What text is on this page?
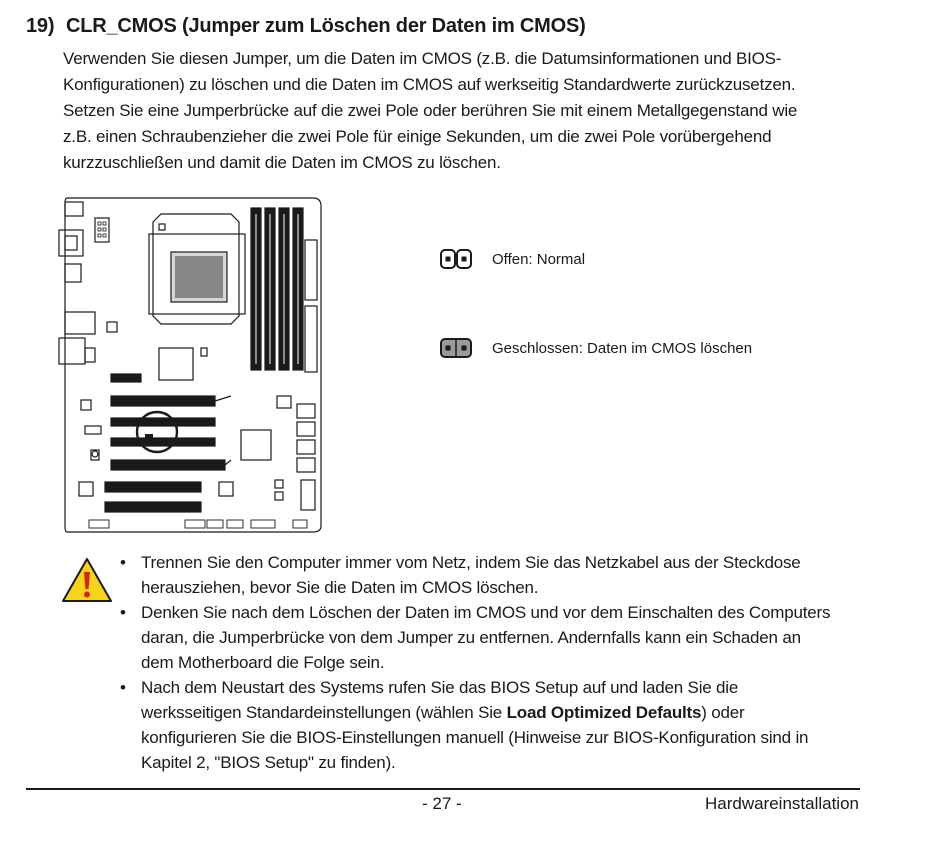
19) CLR_CMOS (Jumper zum Löschen der Daten im CMOS)

Verwenden Sie diesen Jumper, um die Daten im CMOS (z.B. die Datumsinformationen und BIOS-
Konfigurationen) zu löschen und die Daten im CMOS auf werkseitig Standardwerte zurückzusetzen.
Setzen Sie eine Jumperbrücke auf die zwei Pole oder berühren Sie mit einem Metallgegenstand wie
z.B. einen Schraubenzieher die zwei Pole für einige Sekunden, um die zwei Pole vorübergehend
kurzzuschließen und damit die Daten im CMOS zu löschen.

Offen: Normal
Geschlossen: Daten im CMOS löschen
• Trennen Sie den Computer immer vom Netz, indem Sie das Netzkabel aus der Steckdose
herausziehen, bevor Sie die Daten im CMOS löschen.
• Denken Sie nach dem Löschen der Daten im CMOS und vor dem Einschalten des Computers
daran, die Jumperbrücke von dem Jumper zu entfernen. Andernfalls kann ein Schaden an
dem Motherboard die Folge sein.
• Nach dem Neustart des Systems rufen Sie das BIOS Setup auf und laden Sie die
werksseitigen Standardeinstellungen (wählen Sie Load Optimized Defaults) oder
konfigurieren Sie die BIOS-Einstellungen manuell (Hinweise zur BIOS-Konfiguration sind in
Kapitel 2, "BIOS Setup" zu finden).
- 27 -	Hardwareinstallation
